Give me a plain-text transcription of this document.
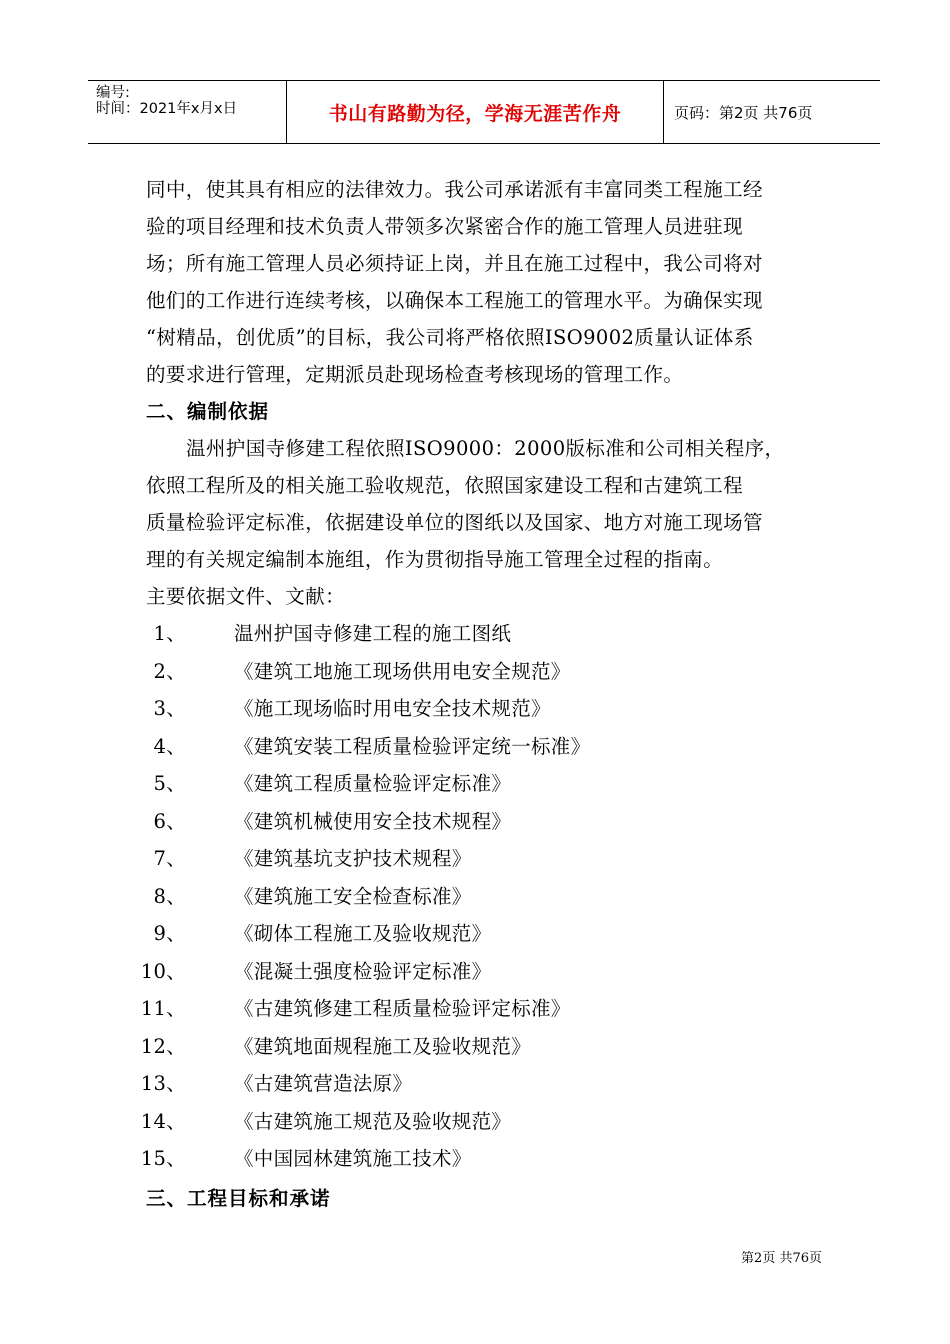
编号:
时间：2021年x月x日	书山有路勤为径，学海无涯苦作舟	页码：第2页 共76页
同中，使其具有相应的法律效力。我公司承诺派有丰富同类工程施工经
验的项目经理和技术负责人带领多次紧密合作的施工管理人员进驻现
场；所有施工管理人员必须持证上岗，并且在施工过程中，我公司将对
他们的工作进行连续考核，以确保本工程施工的管理水平。为确保实现
“树精品，创优质”的目标，我公司将严格依照ISO9002质量认证体系
的要求进行管理，定期派员赴现场检查考核现场的管理工作。
二、编制依据
温州护国寺修建工程依照ISO9000：2000版标准和公司相关程序，
依照工程所及的相关施工验收规范，依照国家建设工程和古建筑工程
质量检验评定标准，依据建设单位的图纸以及国家、地方对施工现场管
理的有关规定编制本施组，作为贯彻指导施工管理全过程的指南。
主要依据文件、文献：
1、 温州护国寺修建工程的施工图纸
2、 《建筑工地施工现场供用电安全规范》
3、 《施工现场临时用电安全技术规范》
4、 《建筑安装工程质量检验评定统一标准》
5、 《建筑工程质量检验评定标准》
6、 《建筑机械使用安全技术规程》
7、 《建筑基坑支护技术规程》
8、 《建筑施工安全检查标准》
9、 《砌体工程施工及验收规范》
10、 《混凝土强度检验评定标准》
11、 《古建筑修建工程质量检验评定标准》
12、 《建筑地面规程施工及验收规范》
13、 《古建筑营造法原》
14、 《古建筑施工规范及验收规范》
15、 《中国园林建筑施工技术》
三、工程目标和承诺
第2页 共76页
